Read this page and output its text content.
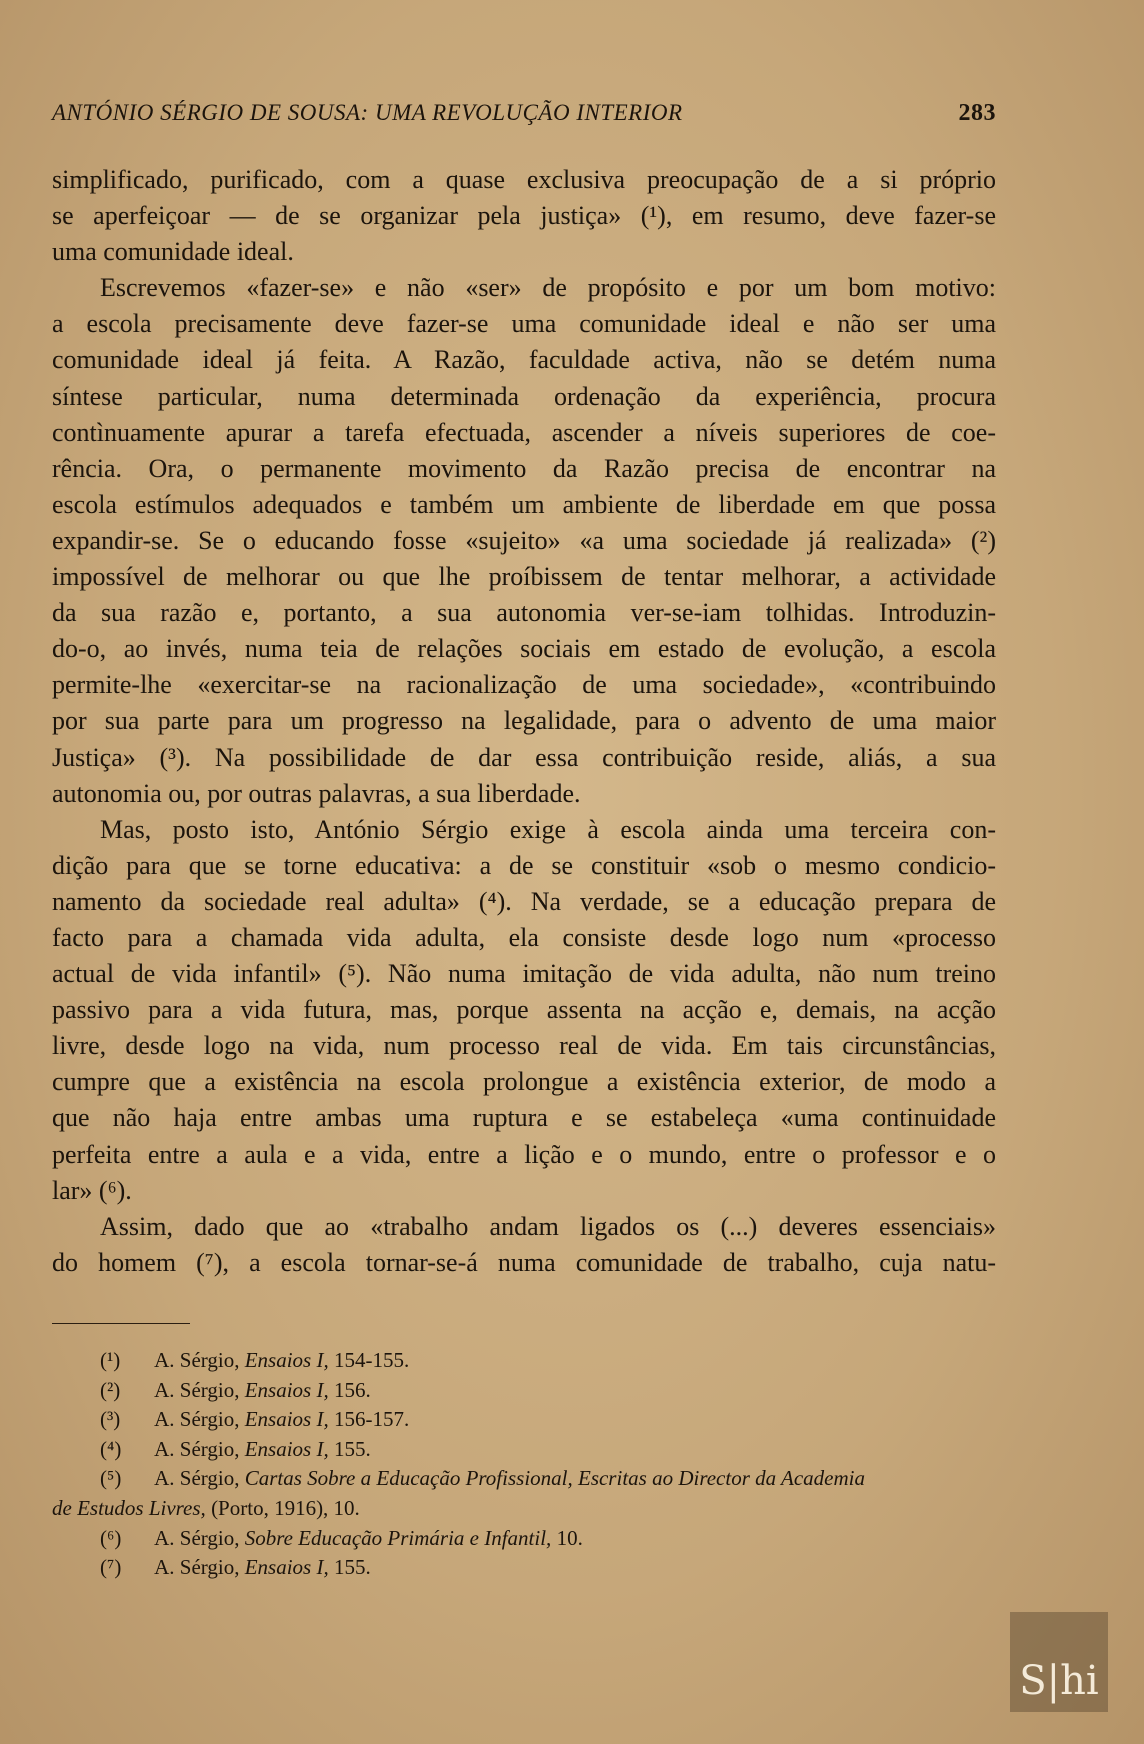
ANTÓNIO SÉRGIO DE SOUSA: UMA REVOLUÇÃO INTERIOR	283
simplificado, purificado, com a quase exclusiva preocupação de a si próprio
se aperfeiçoar — de se organizar pela justiça» (¹), em resumo, deve fazer-se
uma comunidade ideal.
Escrevemos «fazer-se» e não «ser» de propósito e por um bom motivo:
a escola precisamente deve fazer-se uma comunidade ideal e não ser uma
comunidade ideal já feita. A Razão, faculdade activa, não se detém numa
síntese particular, numa determinada ordenação da experiência, procura
contìnuamente apurar a tarefa efectuada, ascender a níveis superiores de coe-
rência. Ora, o permanente movimento da Razão precisa de encontrar na
escola estímulos adequados e também um ambiente de liberdade em que possa
expandir-se. Se o educando fosse «sujeito» «a uma sociedade já realizada» (²)
impossível de melhorar ou que lhe proíbissem de tentar melhorar, a actividade
da sua razão e, portanto, a sua autonomia ver-se-iam tolhidas. Introduzin-
do-o, ao invés, numa teia de relações sociais em estado de evolução, a escola
permite-lhe «exercitar-se na racionalização de uma sociedade», «contribuindo
por sua parte para um progresso na legalidade, para o advento de uma maior
Justiça» (³). Na possibilidade de dar essa contribuição reside, aliás, a sua
autonomia ou, por outras palavras, a sua liberdade.
Mas, posto isto, António Sérgio exige à escola ainda uma terceira con-
dição para que se torne educativa: a de se constituir «sob o mesmo condicio-
namento da sociedade real adulta» (⁴). Na verdade, se a educação prepara de
facto para a chamada vida adulta, ela consiste desde logo num «processo
actual de vida infantil» (⁵). Não numa imitação de vida adulta, não num treino
passivo para a vida futura, mas, porque assenta na acção e, demais, na acção
livre, desde logo na vida, num processo real de vida. Em tais circunstâncias,
cumpre que a existência na escola prolongue a existência exterior, de modo a
que não haja entre ambas uma ruptura e se estabeleça «uma continuidade
perfeita entre a aula e a vida, entre a lição e o mundo, entre o professor e o
lar» (⁶).
Assim, dado que ao «trabalho andam ligados os (...) deveres essenciais»
do homem (⁷), a escola tornar-se-á numa comunidade de trabalho, cuja natu-
(¹) A. Sérgio, Ensaios I, 154-155.
(²) A. Sérgio, Ensaios I, 156.
(³) A. Sérgio, Ensaios I, 156-157.
(⁴) A. Sérgio, Ensaios I, 155.
(⁵) A. Sérgio, Cartas Sobre a Educação Profissional, Escritas ao Director da Academia
de Estudos Livres, (Porto, 1916), 10.
(⁶) A. Sérgio, Sobre Educação Primária e Infantil, 10.
(⁷) A. Sérgio, Ensaios I, 155.
S|hi
